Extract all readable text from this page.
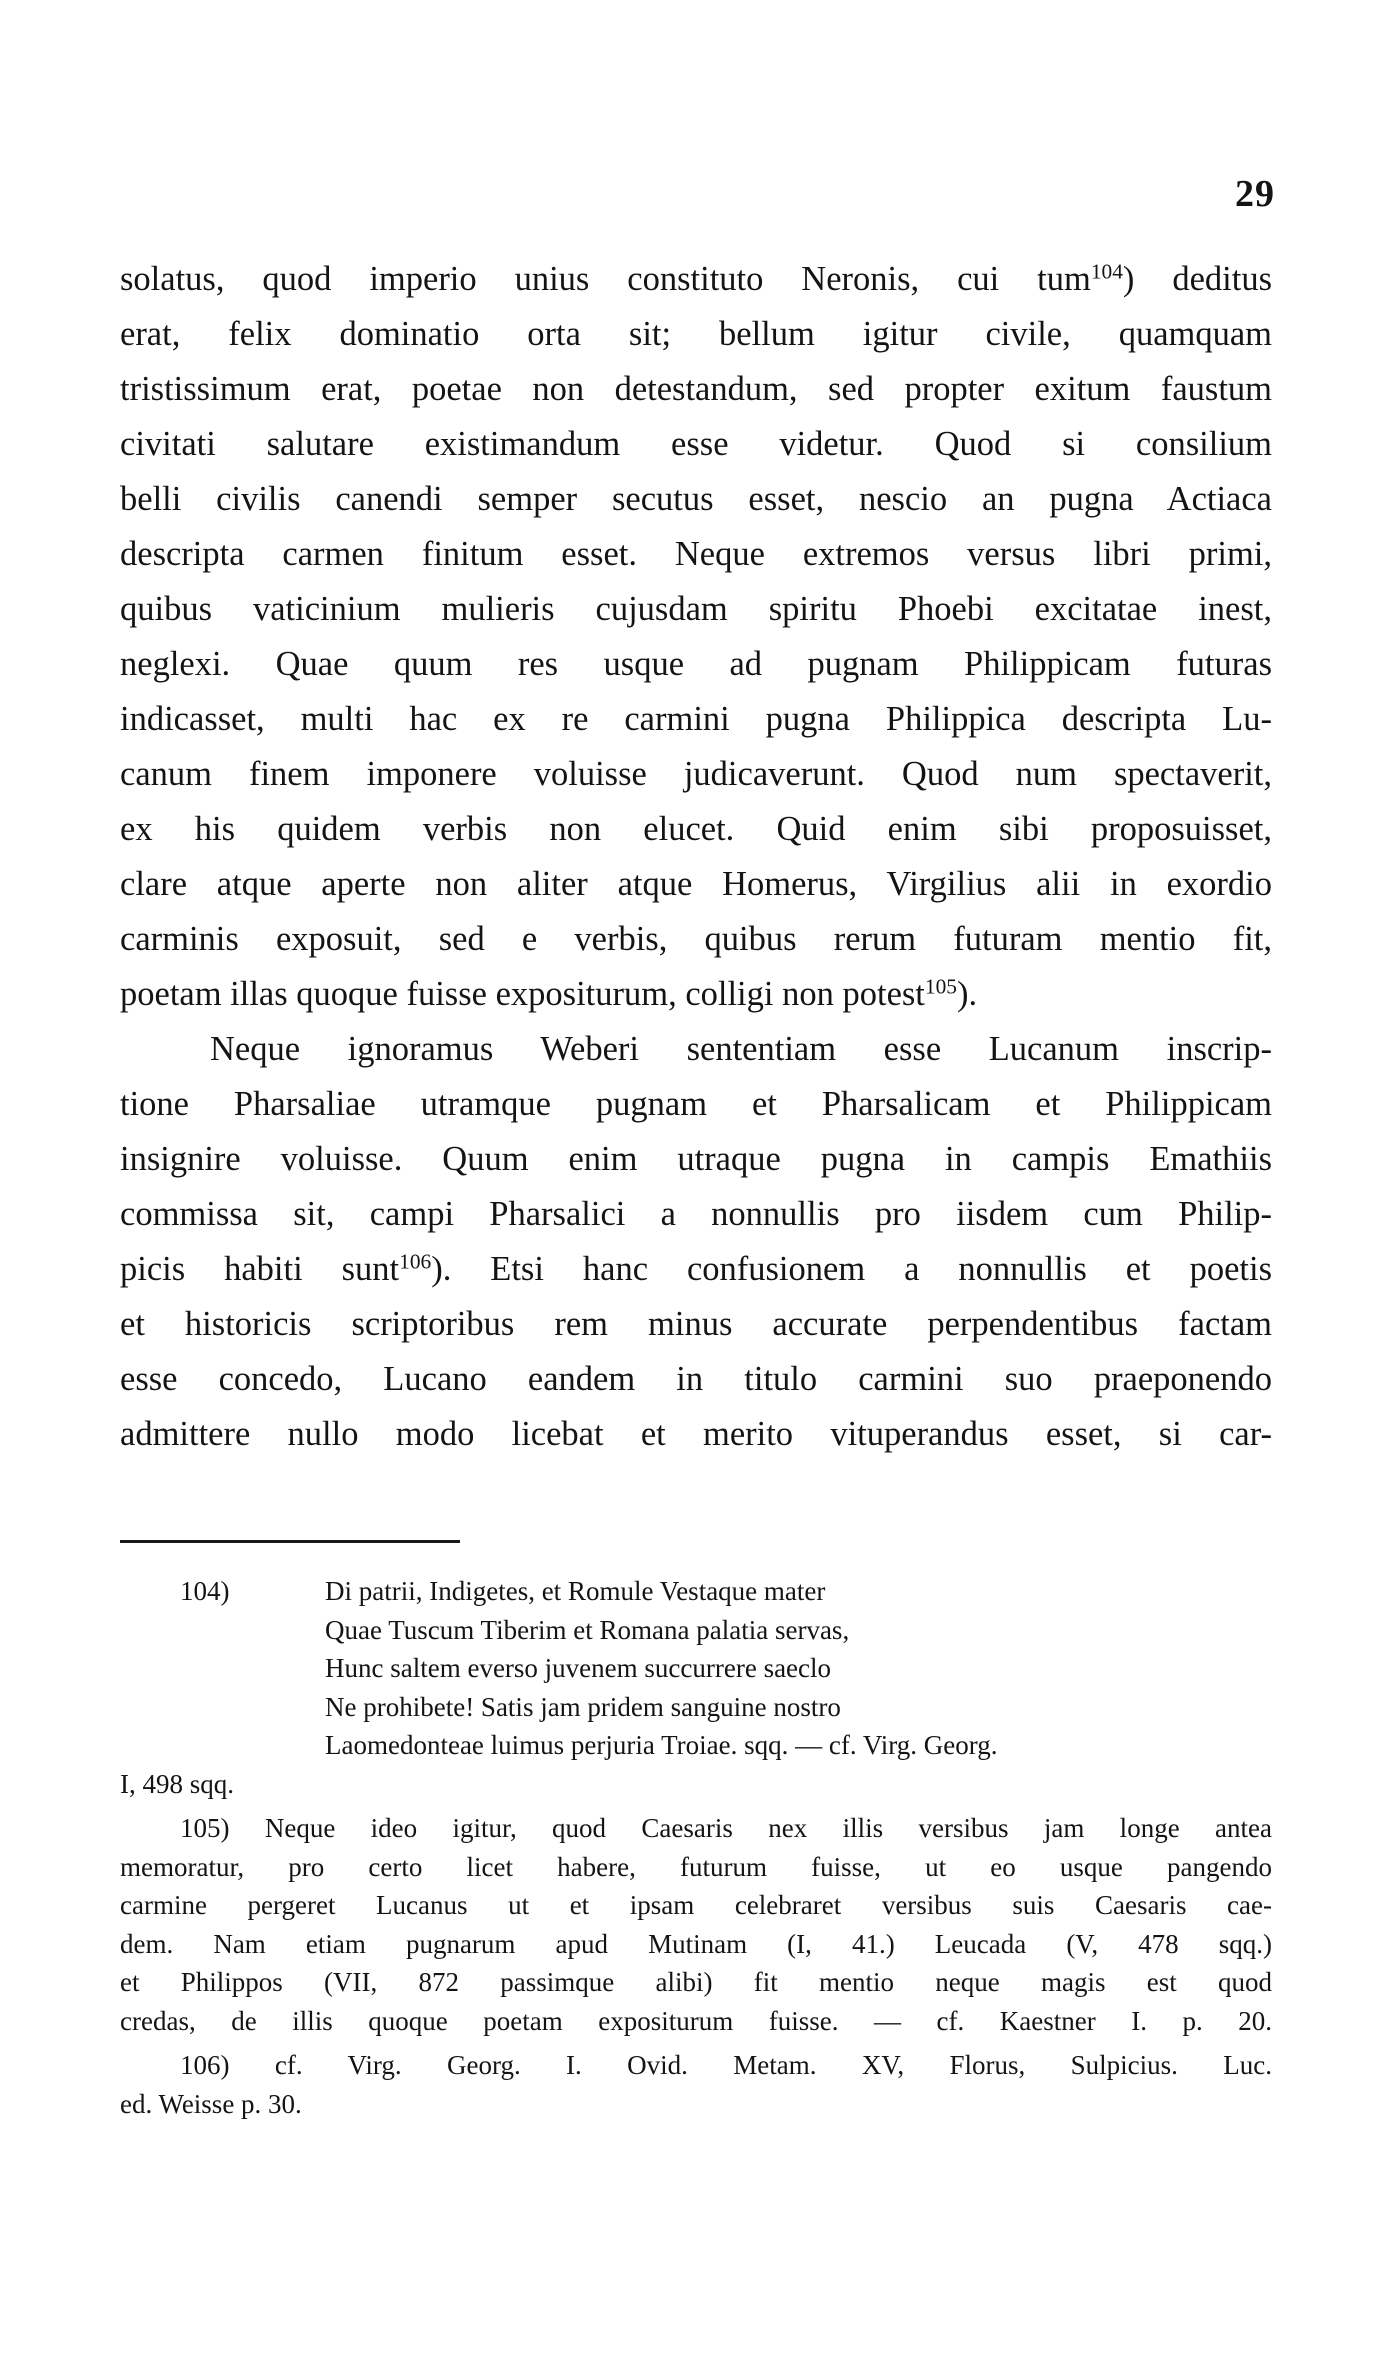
29
solatus, quod imperio unius constituto Neronis, cui tum$^{104}$) deditus
erat, felix dominatio orta sit; bellum igitur civile, quamquam
tristissimum erat, poetae non detestandum, sed propter exitum faustum
civitati salutare existimandum esse videtur. Quod si consilium
belli civilis canendi semper secutus esset, nescio an pugna Actiaca
descripta carmen finitum esset. Neque extremos versus libri primi,
quibus vaticinium mulieris cujusdam spiritu Phoebi excitatae inest,
neglexi. Quae quum res usque ad pugnam Philippicam futuras
indicasset, multi hac ex re carmini pugna Philippica descripta Lu-
canum finem imponere voluisse judicaverunt. Quod num spectaverit,
ex his quidem verbis non elucet. Quid enim sibi proposuisset,
clare atque aperte non aliter atque Homerus, Virgilius alii in exordio
carminis exposuit, sed e verbis, quibus rerum futuram mentio fit,
poetam illas quoque fuisse expositurum, colligi non potest$^{105}$).
Neque ignoramus Weberi sententiam esse Lucanum inscrip-
tione Pharsaliae utramque pugnam et Pharsalicam et Philippicam
insignire voluisse. Quum enim utraque pugna in campis Emathiis
commissa sit, campi Pharsalici a nonnullis pro iisdem cum Philip-
picis habiti sunt$^{106}$). Etsi hanc confusionem a nonnullis et poetis
et historicis scriptoribus rem minus accurate perpendentibus factam
esse concedo, Lucano eandem in titulo carmini suo praeponendo
admittere nullo modo licebat et merito vituperandus esset, si car-
104)	Di patrii, Indigetes, et Romule Vestaque mater
Quae Tuscum Tiberim et Romana palatia servas,
Hunc saltem everso juvenem succurrere saeclo
Ne prohibete! Satis jam pridem sanguine nostro
Laomedonteae luimus perjuria Troiae. sqq. — cf. Virg. Georg.
I, 498 sqq.
105) Neque ideo igitur, quod Caesaris nex illis versibus jam longe antea
memoratur, pro certo licet habere, futurum fuisse, ut eo usque pangendo
carmine pergeret Lucanus ut et ipsam celebraret versibus suis Caesaris cae-
dem. Nam etiam pugnarum apud Mutinam (I, 41.) Leucada (V, 478 sqq.)
et Philippos (VII, 872 passimque alibi) fit mentio neque magis est quod
credas, de illis quoque poetam expositurum fuisse. — cf. Kaestner I. p. 20.
106) cf. Virg. Georg. I. Ovid. Metam. XV, Florus, Sulpicius. Luc.
ed. Weisse p. 30.
